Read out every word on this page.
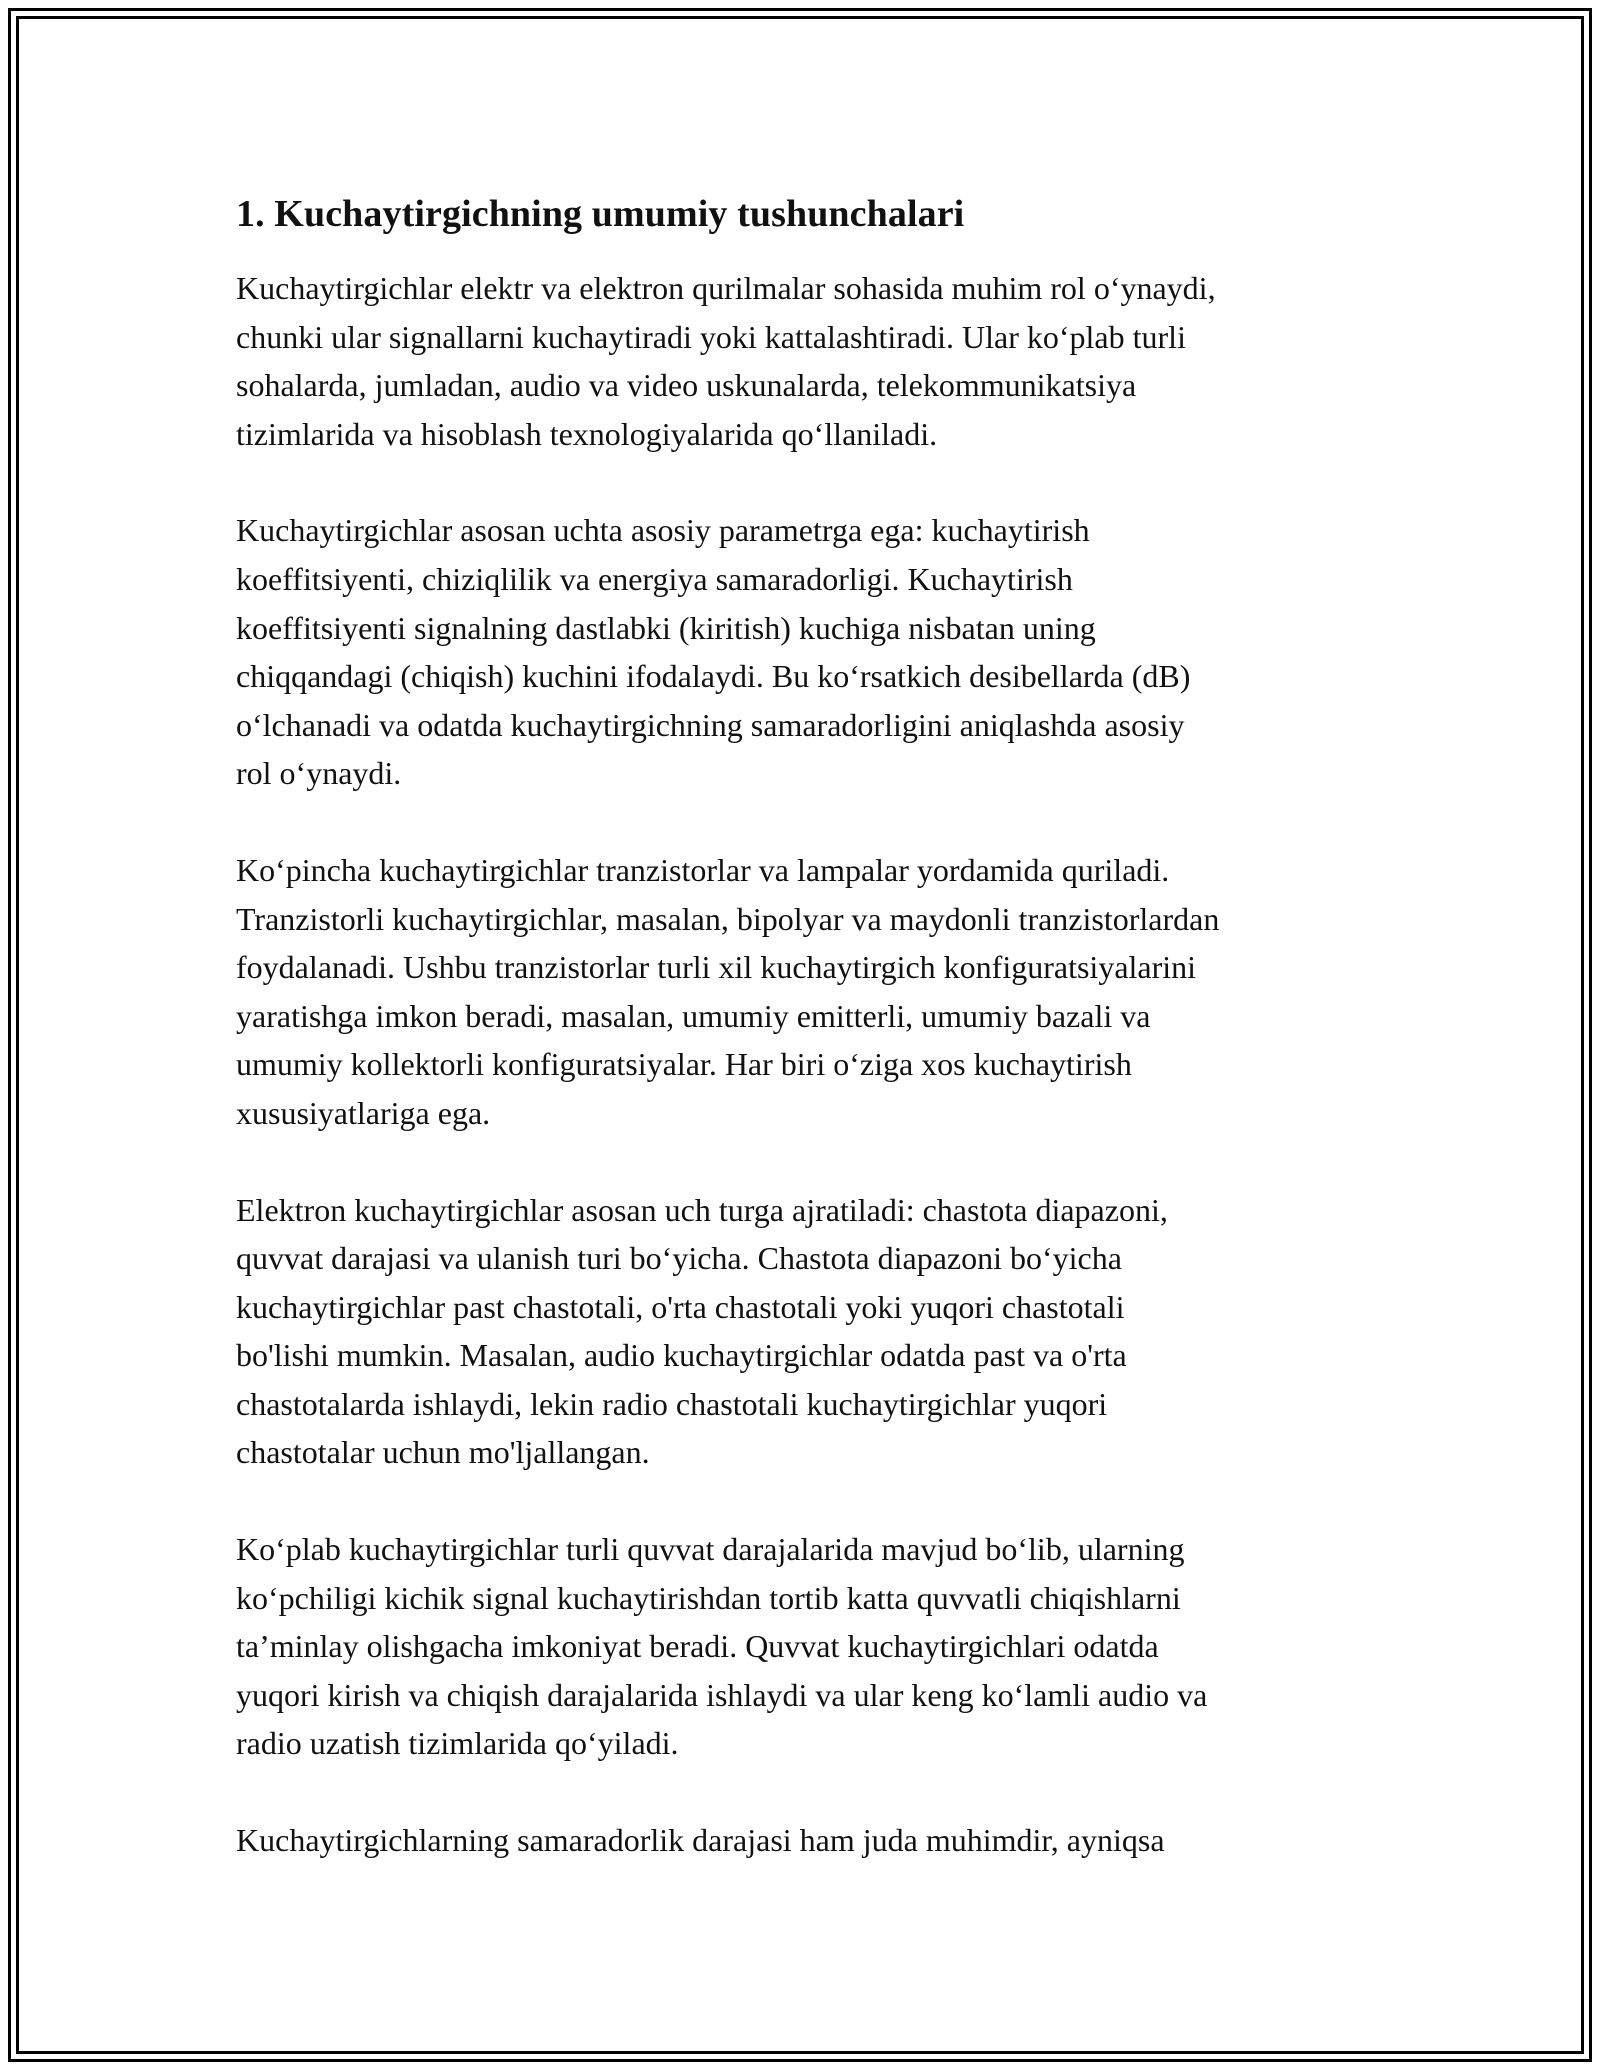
1. Kuchaytirgichning umumiy tushunchalari

Kuchaytirgichlar elektr va elektron qurilmalar sohasida muhim rol o‘ynaydi,
chunki ular signallarni kuchaytiradi yoki kattalashtiradi. Ular ko‘plab turli
sohalarda, jumladan, audio va video uskunalarda, telekommunikatsiya
tizimlarida va hisoblash texnologiyalarida qo‘llaniladi.

Kuchaytirgichlar asosan uchta asosiy parametrga ega: kuchaytirish
koeffitsiyenti, chiziqlilik va energiya samaradorligi. Kuchaytirish
koeffitsiyenti signalning dastlabki (kiritish) kuchiga nisbatan uning
chiqqandagi (chiqish) kuchini ifodalaydi. Bu ko‘rsatkich desibellarda (dB)
o‘lchanadi va odatda kuchaytirgichning samaradorligini aniqlashda asosiy
rol o‘ynaydi.

Ko‘pincha kuchaytirgichlar tranzistorlar va lampalar yordamida quriladi.
Tranzistorli kuchaytirgichlar, masalan, bipolyar va maydonli tranzistorlardan
foydalanadi. Ushbu tranzistorlar turli xil kuchaytirgich konfiguratsiyalarini
yaratishga imkon beradi, masalan, umumiy emitterli, umumiy bazali va
umumiy kollektorli konfiguratsiyalar. Har biri o‘ziga xos kuchaytirish
xususiyatlariga ega.

Elektron kuchaytirgichlar asosan uch turga ajratiladi: chastota diapazoni,
quvvat darajasi va ulanish turi bo‘yicha. Chastota diapazoni bo‘yicha
kuchaytirgichlar past chastotali, o'rta chastotali yoki yuqori chastotali
bo'lishi mumkin. Masalan, audio kuchaytirgichlar odatda past va o'rta
chastotalarda ishlaydi, lekin radio chastotali kuchaytirgichlar yuqori
chastotalar uchun mo'ljallangan.

Ko‘plab kuchaytirgichlar turli quvvat darajalarida mavjud bo‘lib, ularning
ko‘pchiligi kichik signal kuchaytirishdan tortib katta quvvatli chiqishlarni
ta’minlay olishgacha imkoniyat beradi. Quvvat kuchaytirgichlari odatda
yuqori kirish va chiqish darajalarida ishlaydi va ular keng ko‘lamli audio va
radio uzatish tizimlarida qo‘yiladi.

Kuchaytirgichlarning samaradorlik darajasi ham juda muhimdir, ayniqsa
